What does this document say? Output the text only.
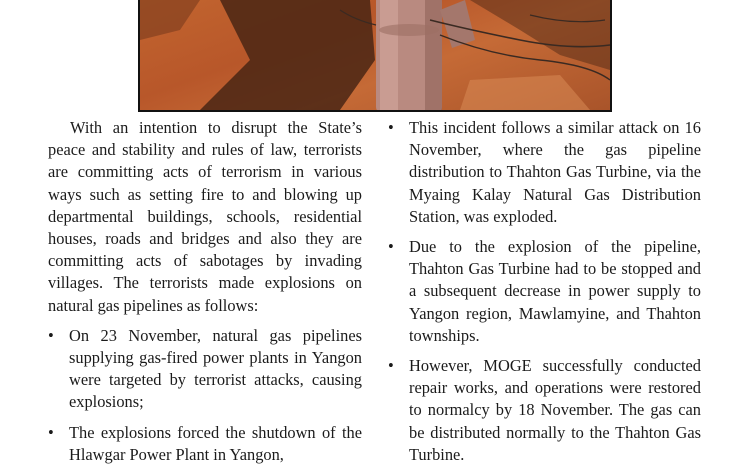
With an intention to disrupt the State’s peace and stability and rules of law, terrorists are committing acts of terrorism in various ways such as setting fire to and blowing up departmental buildings, schools, residential houses, roads and bridges and also they are committing acts of sabotages by invading villages. The terrorists made explosions on natural gas pipelines as follows:

• On 23 November, natural gas pipelines supplying gas-fired power plants in Yangon were targeted by terrorist attacks, causing explosions;
• The explosions forced the shutdown of the Hlawgar Power Plant in Yangon,
• This incident follows a similar attack on 16 November, where the gas pipeline distribution to Thahton Gas Turbine, via the Myaing Kalay Natural Gas Distribution Station, was exploded.
• Due to the explosion of the pipeline, Thahton Gas Turbine had to be stopped and a subsequent decrease in power supply to Yangon region, Mawlamyine, and Thahton townships.
• However, MOGE successfully conducted repair works, and operations were restored to normalcy by 18 November. The gas can be distributed normally to the Thahton Gas Turbine.
